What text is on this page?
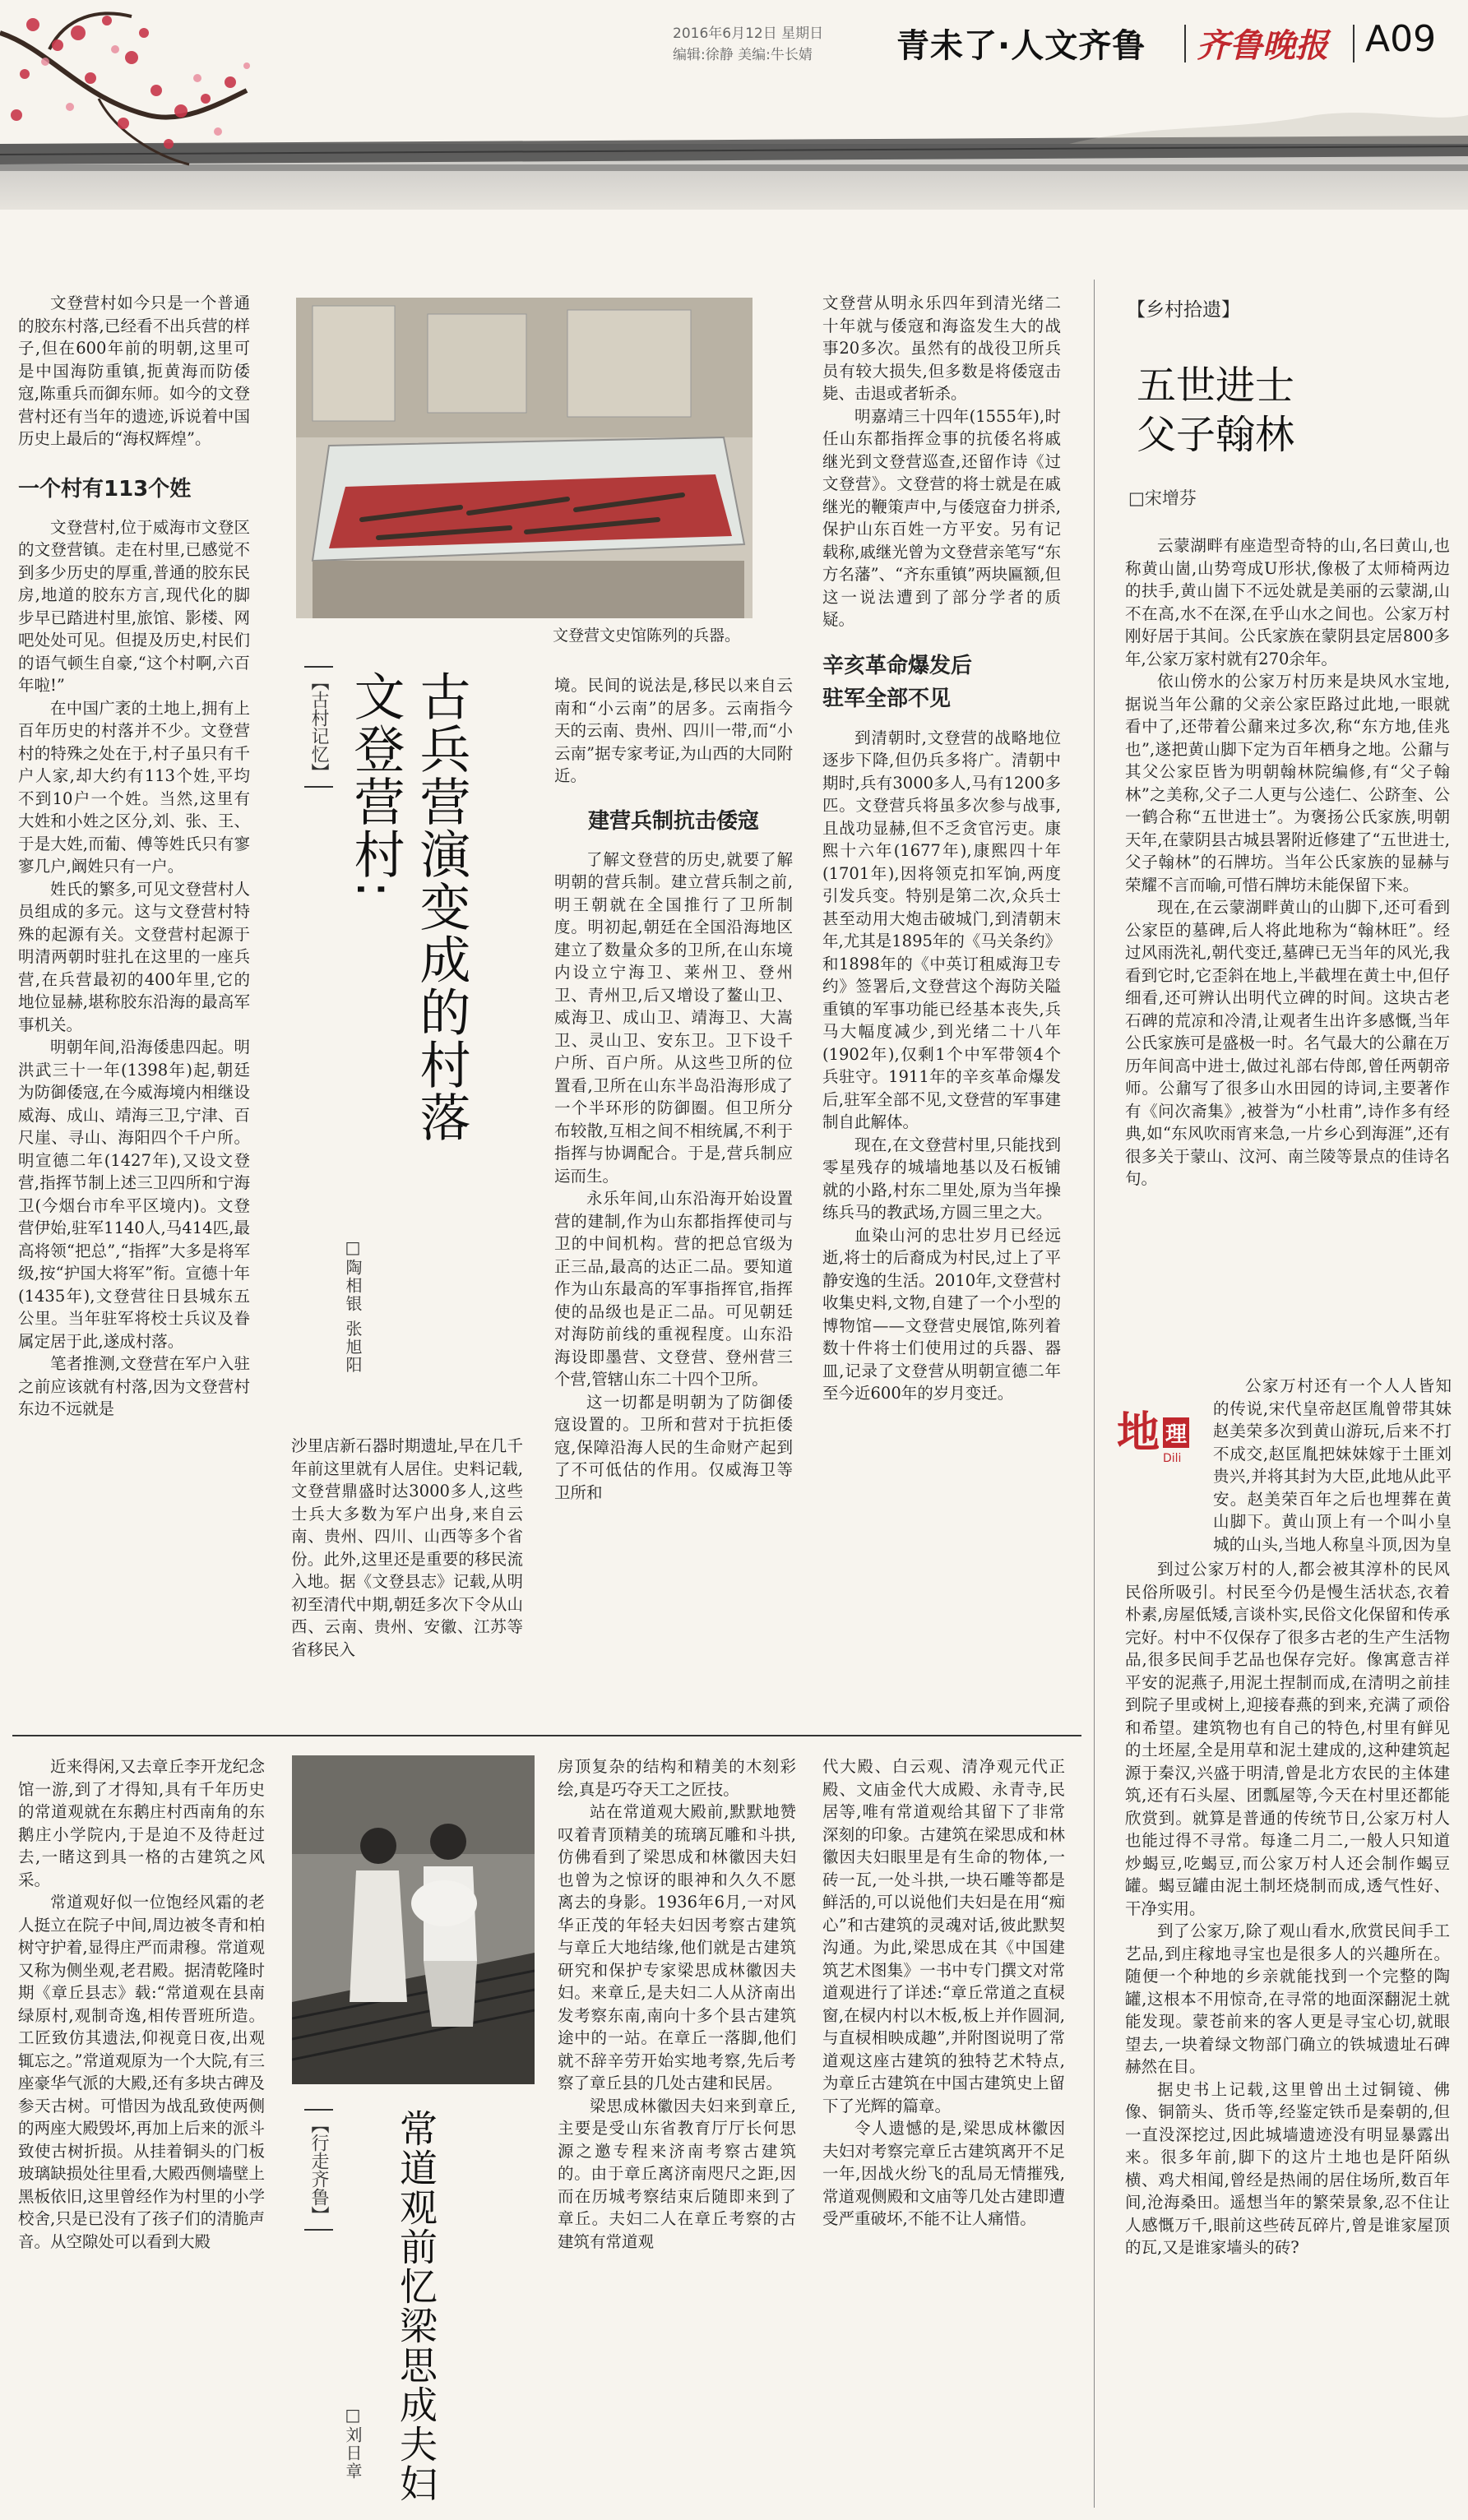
2016年6月12日 星期日
编辑:徐静 美编:牛长婧	青未了·人文齐鲁 齐鲁晚报 A09

文登营村如今只是一个普通的胶东村落,已经看不出兵营的样子,但在600年前的明朝,这里可是中国海防重镇,扼黄海而防倭寇,陈重兵而御东师。如今的文登营村还有当年的遗迹,诉说着中国历史上最后的“海权辉煌”。

一个村有113个姓

文登营村,位于威海市文登区的文登营镇。走在村里,已感觉不到多少历史的厚重,普通的胶东民房,地道的胶东方言,现代化的脚步早已踏进村里,旅馆、影楼、网吧处处可见。但提及历史,村民们的语气顿生自豪,“这个村啊,六百年啦!”

在中国广袤的土地上,拥有上百年历史的村落并不少。文登营村的特殊之处在于,村子虽只有千户人家,却大约有113个姓,平均不到10户一个姓。当然,这里有大姓和小姓之区分,刘、张、王、于是大姓,而葡、傅等姓氏只有寥寥几户,阚姓只有一户。

姓氏的繁多,可见文登营村人员组成的多元。这与文登营村特殊的起源有关。文登营村起源于明清两朝时驻扎在这里的一座兵营,在兵营最初的400年里,它的地位显赫,堪称胶东沿海的最高军事机关。

明朝年间,沿海倭患四起。明洪武三十一年(1398年)起,朝廷为防御倭寇,在今威海境内相继设威海、成山、靖海三卫,宁津、百尺崖、寻山、海阳四个千户所。明宣德二年(1427年),又设文登营,指挥节制上述三卫四所和宁海卫(今烟台市牟平区境内)。文登营伊始,驻军1140人,马414匹,最高将领“把总”,“指挥”大多是将军级,按“护国大将军”衔。宣德十年(1435年),文登营往日县城东五公里。当年驻军将校士兵议及眷属定居于此,遂成村落。

笔者推测,文登营在军户入驻之前应该就有村落,因为文登营村东边不远就是

文登营文史馆陈列的兵器。
【古村记忆】 古兵营演变成的村落
文登营村:
□陶相银 张旭阳

沙里店新石器时期遗址,早在几千年前这里就有人居住。史料记载,文登营鼎盛时达3000多人,这些士兵大多数为军户出身,来自云南、贵州、四川、山西等多个省份。此外,这里还是重要的移民流入地。据《文登县志》记载,从明初至清代中期,朝廷多次下令从山西、云南、贵州、安徽、江苏等省移民入

境。民间的说法是,移民以来自云南和“小云南”的居多。云南指今天的云南、贵州、四川一带,而“小云南”据专家考证,为山西的大同附近。

建营兵制抗击倭寇

了解文登营的历史,就要了解明朝的营兵制。建立营兵制之前,明王朝就在全国推行了卫所制度。明初起,朝廷在全国沿海地区建立了数量众多的卫所,在山东境内设立宁海卫、莱州卫、登州卫、青州卫,后又增设了鳌山卫、威海卫、成山卫、靖海卫、大嵩卫、灵山卫、安东卫。卫下设千户所、百户所。从这些卫所的位置看,卫所在山东半岛沿海形成了一个半环形的防御圈。但卫所分布较散,互相之间不相统属,不利于指挥与协调配合。于是,营兵制应运而生。

永乐年间,山东沿海开始设置营的建制,作为山东都指挥使司与卫的中间机构。营的把总官级为正三品,最高的达正二品。要知道作为山东最高的军事指挥官,指挥使的品级也是正二品。可见朝廷对海防前线的重视程度。山东沿海设即墨营、文登营、登州营三个营,管辖山东二十四个卫所。

这一切都是明朝为了防御倭寇设置的。卫所和营对于抗拒倭寇,保障沿海人民的生命财产起到了不可低估的作用。仅威海卫等卫所和

文登营从明永乐四年到清光绪二十年就与倭寇和海盗发生大的战事20多次。虽然有的战役卫所兵员有较大损失,但多数是将倭寇击毙、击退或者斩杀。

明嘉靖三十四年(1555年),时任山东都指挥佥事的抗倭名将戚继光到文登营巡查,还留作诗《过文登营》。文登营的将士就是在戚继光的鞭策声中,与倭寇奋力拼杀,保护山东百姓一方平安。另有记载称,戚继光曾为文登营亲笔写“东方名藩”、“齐东重镇”两块匾额,但这一说法遭到了部分学者的质疑。

辛亥革命爆发后
驻军全部不见

到清朝时,文登营的战略地位逐步下降,但仍兵多将广。清朝中期时,兵有3000多人,马有1200多匹。文登营兵将虽多次参与战事,且战功显赫,但不乏贪官污吏。康熙十六年(1677年),康熙四十年(1701年),因将领克扣军饷,两度引发兵变。特别是第二次,众兵士甚至动用大炮击破城门,到清朝末年,尤其是1895年的《马关条约》和1898年的《中英订租威海卫专约》签署后,文登营这个海防关隘重镇的军事功能已经基本丧失,兵马大幅度减少,到光绪二十八年(1902年),仅剩1个中军带领4个兵驻守。1911年的辛亥革命爆发后,驻军全部不见,文登营的军事建制自此解体。

现在,在文登营村里,只能找到零星残存的城墙地基以及石板铺就的小路,村东二里处,原为当年操练兵马的教武场,方圆三里之大。

血染山河的忠壮岁月已经远逝,将士的后裔成为村民,过上了平静安逸的生活。2010年,文登营村收集史料,文物,自建了一个小型的博物馆——文登营史展馆,陈列着数十件将士们使用过的兵器、器皿,记录了文登营从明朝宣德二年至今近600年的岁月变迁。

【乡村拾遗】
五世进士
父子翰林
□宋增芬

云蒙湖畔有座造型奇特的山,名曰黄山,也称黄山崮,山势弯成U形状,像极了太师椅两边的扶手,黄山崮下不远处就是美丽的云蒙湖,山不在高,水不在深,在乎山水之间也。公家万村刚好居于其间。公氏家族在蒙阴县定居800多年,公家万家村就有270余年。

依山傍水的公家万村历来是块风水宝地,据说当年公鼐的父亲公家臣路过此地,一眼就看中了,还带着公鼐来过多次,称“东方地,佳兆也”,遂把黄山脚下定为百年栖身之地。公鼐与其父公家臣皆为明朝翰林院编修,有“父子翰林”之美称,父子二人更与公逵仁、公跻奎、公一鹤合称“五世进士”。为褒扬公氏家族,明朝天年,在蒙阴县古城县署附近修建了“五世进士,父子翰林”的石牌坊。当年公氏家族的显赫与荣耀不言而喻,可惜石牌坊未能保留下来。

现在,在云蒙湖畔黄山的山脚下,还可看到公家臣的墓碑,后人将此地称为“翰林旺”。经过风雨洗礼,朝代变迁,墓碑已无当年的风光,我看到它时,它歪斜在地上,半截埋在黄土中,但仔细看,还可辨认出明代立碑的时间。这块古老石碑的荒凉和冷清,让观者生出许多感慨,当年公氏家族可是盛极一时。名气最大的公鼐在万历年间高中进士,做过礼部右侍郎,曾任两朝帝师。公鼐写了很多山水田园的诗词,主要著作有《问次斋集》,被誉为“小杜甫”,诗作多有经典,如“东风吹雨宵来急,一片乡心到海涯”,还有很多关于蒙山、汶河、南兰陵等景点的佳诗名句。

地 理
Dili

公家万村还有一个人人皆知的传说,宋代皇帝赵匡胤曾带其妹赵美荣多次到黄山游玩,后来不打不成交,赵匡胤把妹妹嫁于土匪刘贵兴,并将其封为大臣,此地从此平安。赵美荣百年之后也埋葬在黄山脚下。黄山顶上有一个叫小皇城的山头,当地人称皇斗顶,因为皇

到过公家万村的人,都会被其淳朴的民风民俗所吸引。村民至今仍是慢生活状态,衣着朴素,房屋低矮,言谈朴实,民俗文化保留和传承完好。村中不仅保存了很多古老的生产生活物品,很多民间手艺品也保存完好。像寓意吉祥平安的泥燕子,用泥土捏制而成,在清明之前挂到院子里或树上,迎接春燕的到来,充满了顽俗和希望。建筑物也有自己的特色,村里有鲜见的土坯屋,全是用草和泥土建成的,这种建筑起源于秦汉,兴盛于明清,曾是北方农民的主体建筑,还有石头屋、团瓢屋等,今天在村里还都能欣赏到。就算是普通的传统节日,公家万村人也能过得不寻常。每逢二月二,一般人只知道炒蝎豆,吃蝎豆,而公家万村人还会制作蝎豆罐。蝎豆罐由泥土制坯烧制而成,透气性好、干净实用。

到了公家万,除了观山看水,欣赏民间手工艺品,到庄稼地寻宝也是很多人的兴趣所在。随便一个种地的乡亲就能找到一个完整的陶罐,这根本不用惊奇,在寻常的地面深翻泥土就能发现。蒙苍前来的客人更是寻宝心切,就眼望去,一块着绿文物部门确立的铁城遗址石碑赫然在目。

据史书上记载,这里曾出土过铜镜、佛像、铜箭头、货币等,经鉴定铁币是秦朝的,但一直没深挖过,因此城墙遗迹没有明显暴露出来。很多年前,脚下的这片土地也是阡陌纵横、鸡犬相闻,曾经是热闹的居住场所,数百年间,沧海桑田。遥想当年的繁荣景象,忍不住让人感慨万千,眼前这些砖瓦碎片,曾是谁家屋顶的瓦,又是谁家墙头的砖?

近来得闲,又去章丘李开龙纪念馆一游,到了才得知,具有千年历史的常道观就在东鹅庄村西南角的东鹅庄小学院内,于是迫不及待赶过去,一睹这到具一格的古建筑之风采。

常道观好似一位饱经风霜的老人挺立在院子中间,周边被冬青和柏树守护着,显得庄严而肃穆。常道观又称为侧坐观,老君殿。据清乾隆时期《章丘县志》载:“常道观在县南绿原村,观制奇逸,相传晋班所造。工匠致仿其遗法,仰视竟日夜,出观辄忘之。”常道观原为一个大院,有三座豪华气派的大殿,还有多块古碑及参天古树。可惜因为战乱致使两侧的两座大殿毁坏,再加上后来的派斗致使古树折损。从挂着铜头的门板玻璃缺损处往里看,大殿西侧墙壁上黑板依旧,这里曾经作为村里的小学校舍,只是已没有了孩子们的清脆声音。从空隙处可以看到大殿

【行走齐鲁】 常道观前忆梁思成夫妇
□刘日章

房顶复杂的结构和精美的木刻彩绘,真是巧夺天工之匠技。

站在常道观大殿前,默默地赞叹着青顶精美的琉璃瓦雕和斗拱,仿佛看到了梁思成和林徽因夫妇也曾为之惊讶的眼神和久久不愿离去的身影。1936年6月,一对风华正茂的年轻夫妇因考察古建筑与章丘大地结缘,他们就是古建筑研究和保护专家梁思成林徽因夫妇。来章丘,是夫妇二人从济南出发考察东南,南向十多个县古建筑途中的一站。在章丘一落脚,他们就不辞辛劳开始实地考察,先后考察了章丘县的几处古建和民居。

梁思成林徽因夫妇来到章丘,主要是受山东省教育厅厅长何思源之邀专程来济南考察古建筑的。由于章丘离济南咫尺之距,因而在历城考察结束后随即来到了章丘。夫妇二人在章丘考察的古建筑有常道观

代大殿、白云观、清净观元代正殿、文庙金代大成殿、永青寺,民居等,唯有常道观给其留下了非常深刻的印象。古建筑在梁思成和林徽因夫妇眼里是有生命的物体,一砖一瓦,一处斗拱,一块石雕等都是鲜活的,可以说他们夫妇是在用“痴心”和古建筑的灵魂对话,彼此默契沟通。为此,梁思成在其《中国建筑艺术图集》一书中专门撰文对常道观进行了详述:“章丘常道之直棂窗,在棂内村以木板,板上并作圆洞,与直棂相映成趣”,并附图说明了常道观这座古建筑的独特艺术特点,为章丘古建筑在中国古建筑史上留下了光辉的篇章。

令人遗憾的是,梁思成林徽因夫妇对考察完章丘古建筑离开不足一年,因战火纷飞的乱局无情摧残,常道观侧殿和文庙等几处古建即遭受严重破坏,不能不让人痛惜。
